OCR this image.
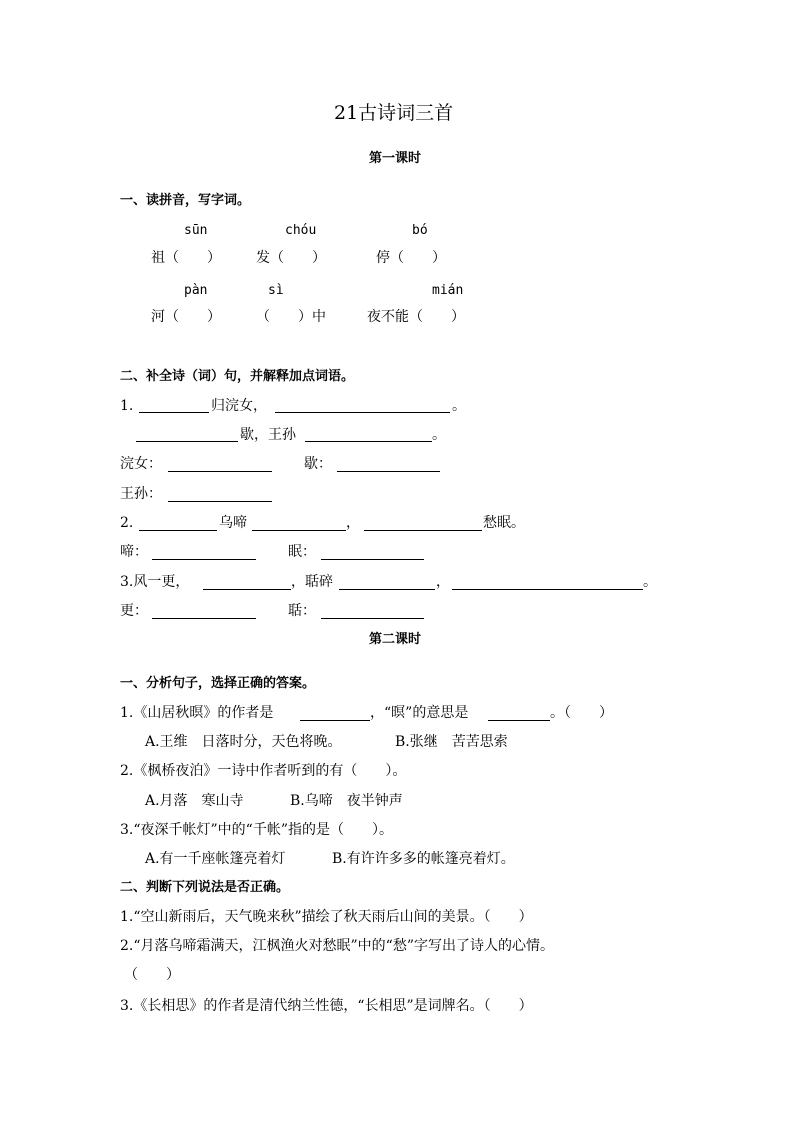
21古诗词三首
第一课时
一、读拼音，写字词。
sūn	chóu	bó
祖（　　）	发（　　）	停（　　）
pàn	sì	mián
河（　　）	（　　）中	夜不能（　　）
二、补全诗（词）句，并解释加点词语。
1.	归浣女，	。
歇，王孙	。
浣女：	歇：
王孙：
2.	乌啼	，	愁眠。
啼：	眠：
3.风一更，	，聒碎	，	。
更：	聒：
第二课时
一、分析句子，选择正确的答案。
1.《山居秋暝》的作者是	，“暝”的意思是	。（　　）
A.王维　日落时分，天色将晚。	B.张继　苦苦思索
2.《枫桥夜泊》一诗中作者听到的有（　　）。
A.月落　寒山寺	B.乌啼　夜半钟声
3.“夜深千帐灯”中的“千帐”指的是（　　）。
A.有一千座帐篷亮着灯	B.有许许多多的帐篷亮着灯。
二、判断下列说法是否正确。
1.“空山新雨后，天气晚来秋”描绘了秋天雨后山间的美景。（　　）
2.“月落乌啼霜满天，江枫渔火对愁眠”中的“愁”字写出了诗人的心情。
（　　）
3.《长相思》的作者是清代纳兰性德，“长相思”是词牌名。（　　）
